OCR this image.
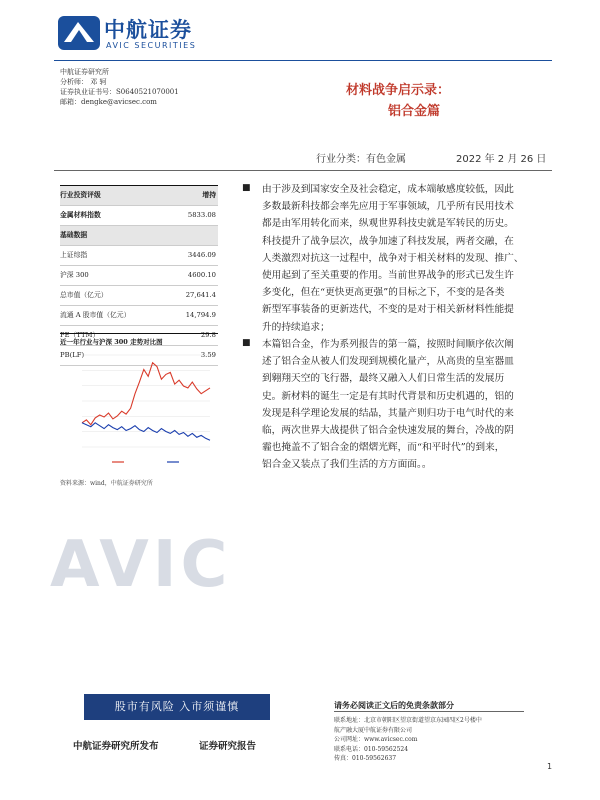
中航证券
AVIC SECURITIES
中航证券研究所
分析师： 邓 轲
证券执业证书号：S0640521070001
邮箱：dengke@avicsec.com
材料战争启示录：
铝合金篇
行业分类：有色金属	2022 年 2 月 26 日
行业投资评级	增持
金属材料指数	5833.08
基础数据
上证综指	3446.09
沪深 300	4600.10
总市值（亿元）	27,641.4
流通 A 股市值（亿元）	14,794.9
PE（TTM）	29.8
PB(LF)	3.59
近一年行业与沪深 300 走势对比图
资料来源：wind，中航证券研究所
■ 由于涉及到国家安全及社会稳定，成本端敏感度较低，因此
多数最新科技都会率先应用于军事领域，几乎所有民用技术
都是由军用转化而来，纵观世界科技史就是军转民的历史。
科技提升了战争层次，战争加速了科技发展，两者交融，在
人类激烈对抗这一过程中，战争对于相关材料的发现、推广、
使用起到了至关重要的作用。当前世界战争的形式已发生许
多变化，但在“更快更高更强”的目标之下，不变的是各类
新型军事装备的更新迭代，不变的是对于相关新材料性能提
升的持续追求；
■ 本篇铝合金，作为系列报告的第一篇，按照时间顺序依次阐
述了铝合金从被人们发现到规模化量产，从高贵的皇室器皿
到翱翔天空的飞行器，最终又融入人们日常生活的发展历
史。新材料的诞生一定是有其时代背景和历史机遇的，铝的
发现是科学理论发展的结晶，其量产则归功于电气时代的来
临，两次世界大战提供了铝合金快速发展的舞台，冷战的阴
霾也掩盖不了铝合金的熠熠光辉，而“和平时代”的到来，
铝合金又装点了我们生活的方方面面。。
AVIC
股市有风险 入市须谨慎
中航证券研究所发布	证券研究报告
请务必阅读正文后的免责条款部分
联系地址：北京市朝阳区望京街道望京东园四区2号楼中
航产融大厦中航证券有限公司
公司网址：www.avicsec.com
联系电话：010-59562524
传真：010-59562637
1
